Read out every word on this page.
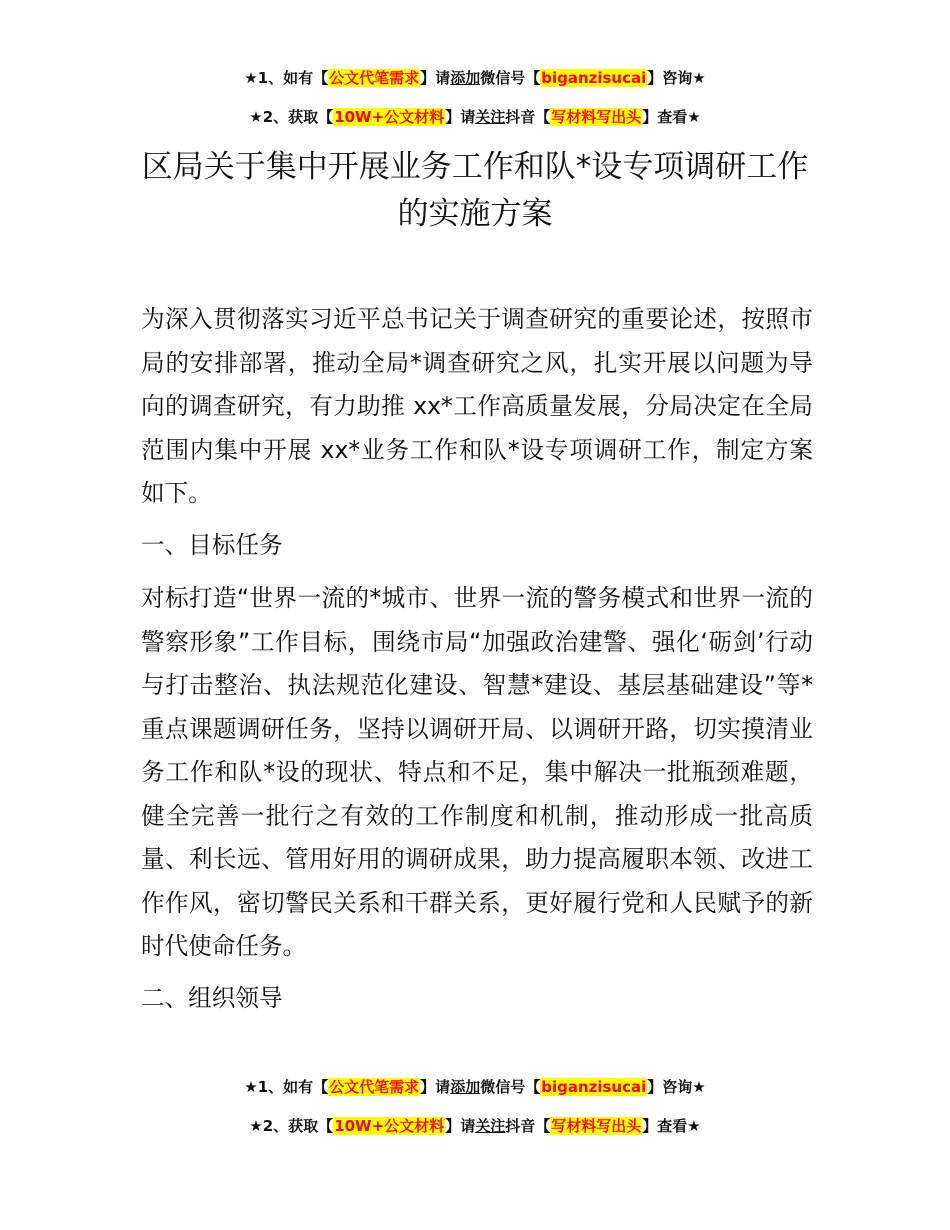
★1、如有【公文代笔需求】请添加微信号【biganzisucai】咨询★
★2、获取【10W+公文材料】请关注抖音【写材料写出头】查看★
区局关于集中开展业务工作和队*设专项调研工作的实施方案
为深入贯彻落实习近平总书记关于调查研究的重要论述，按照市局的安排部署，推动全局*调查研究之风，扎实开展以问题为导向的调查研究，有力助推 xx*工作高质量发展，分局决定在全局范围内集中开展 xx*业务工作和队*设专项调研工作，制定方案如下。
一、目标任务
对标打造“世界一流的*城市、世界一流的警务模式和世界一流的警察形象”工作目标，围绕市局“加强政治建警、强化‘砺剑’行动与打击整治、执法规范化建设、智慧*建设、基层基础建设”等*重点课题调研任务，坚持以调研开局、以调研开路，切实摸清业务工作和队*设的现状、特点和不足，集中解决一批瓶颈难题，健全完善一批行之有效的工作制度和机制，推动形成一批高质量、利长远、管用好用的调研成果，助力提高履职本领、改进工作作风，密切警民关系和干群关系，更好履行党和人民赋予的新时代使命任务。
二、组织领导
★1、如有【公文代笔需求】请添加微信号【biganzisucai】咨询★
★2、获取【10W+公文材料】请关注抖音【写材料写出头】查看★
